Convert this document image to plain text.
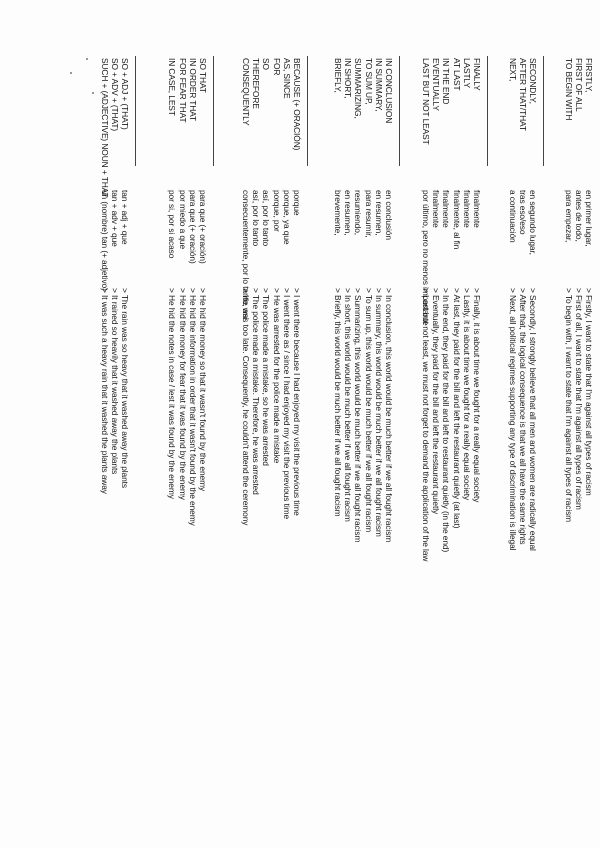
FIRSTLY,
FIRST OF ALL
TO BEGIN WITH
en primer lugar,
antes de todo,
para empezar,
> Firstly, I want to state that I'm against all types of racism
> First of all, I want to state that I'm against all types of racism
> To begin with, I want to state that I'm against all types of racism
SECONDLY,
AFTER THAT/THAT
NEXT,
en segundo lugar,
tras eso/eso
a continuación
> Secondly, I strongly believe that all men and women are radically equal
> After that, the logical consequence is that we all have the same rights
> Next, all political regimes supporting any type of discrimination is illegal
FINALLY
LASTLY
AT LAST
IN THE END
EVENTUALLY
LAST BUT NOT LEAST
finalmente
finalmente
finalmente, al fin
finalmente
finalmente
por último, pero no menos importante
> Finally, it is about time we fought for a really equal society
> Lastly, it is about time we fought for a really equal society
> At last, they paid for the bill and left the restaurant quietly (at last)
> In the end, they paid for the bill and left to restaurant quietly (in the end)
> Eventually, they paid for the bill and left the restaurant quietly
> Last but not least, we must not forget to demand the application of the law
IN CONCLUSION
IN SUMMARY,
TO SUM UP,
SUMMARIZING,
IN SHORT,
BRIEFLY,
en conclusión
en resumen,
para resumir,
resumiendo,
en resumen,
brevemente,
> In conclusion, this world would be much better if we all fought racism
> In summary, this world would be much better if we all fought racism
> To sum up, this world would be much better if we all fought racism
> Summarizing, this world would be much better if we all fought racism
> In short, this world would be much better if we all fought racism
> Briefly, this world would be much better if we all fought racism
BECAUSE (+ ORACIÓN)
AS, SINCE
FOR
SO
THEREFORE
CONSEQUENTLY
porque
porque, ya que
porque, por
así, por lo tanto
así, por lo tanto
consecuentemente, por lo tanto, así
> I went there because I had enjoyed my visit the previous time
> I went there as / since I had enjoyed my visit the previous time
> He was arrested for the police made a mistake
> The police made a mistake, so he was arrested
> The police made a mistake. Therefore, he was arrested
> He was too late. Consequently, he couldn't attend the ceremony
SO THAT
IN ORDER THAT
FOR FEAR THAT
IN CASE, LEST
para que (+ oración)
para que (+ oración)
por miedo a que
por si, por si acaso
> He hid the money so that it wasn't found by the enemy
> He hid the information in order that it wasn't found by the enemy
> He hid the money for fear that it was found by the enemy
> He hid the notes in case / lest it was found by the enemy
SO + ADJ + (THAT)
SO + ADV + (THAT)
SUCH + (ADJECTIVE) NOUN + THAT
tan + adj + que
tan + adv + que
un (nombre) tan (+ adjetivo)
> The rain was so heavy that it washed away the plants
> It rained so heavily that it washed away the plants
> It was such a heavy rain that it washed the plants away
